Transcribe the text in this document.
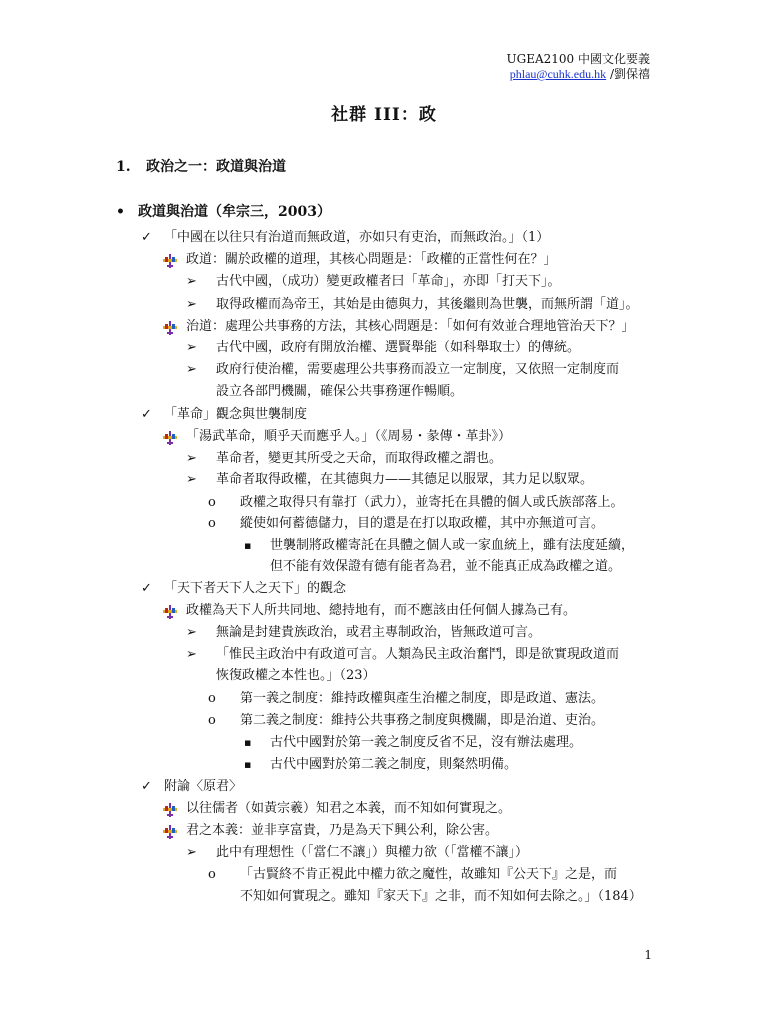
UGEA2100 中國文化要義
phlau@cuhk.edu.hk /劉保禧
社群 III：政
1. 政治之一：政道與治道
• 政道與治道（牟宗三，2003）
✓ 「中國在以往只有治道而無政道，亦如只有吏治，而無政治。」（1）
政道：關於政權的道理，其核心問題是：「政權的正當性何在？」
➢ 古代中國，（成功）變更政權者曰「革命」，亦即「打天下」。
➢ 取得政權而為帝王，其始是由德與力，其後繼則為世襲，而無所謂「道」。
治道：處理公共事務的方法，其核心問題是：「如何有效並合理地管治天下？」
➢ 古代中國，政府有開放治權、選賢舉能（如科舉取士）的傳統。
➢ 政府行使治權，需要處理公共事務而設立一定制度，又依照一定制度而
設立各部門機關，確保公共事務運作暢順。
✓ 「革命」觀念與世襲制度
「湯武革命，順乎天而應乎人。」（《周易・彖傳・革卦》）
➢ 革命者，變更其所受之天命，而取得政權之謂也。
➢ 革命者取得政權，在其德與力——其德足以服眾，其力足以馭眾。
o 政權之取得只有靠打（武力），並寄托在具體的個人或氏族部落上。
o 縱使如何蓄德儲力，目的還是在打以取政權，其中亦無道可言。
▪ 世襲制將政權寄託在具體之個人或一家血統上，雖有法度延續，
但不能有效保證有德有能者為君，並不能真正成為政權之道。
✓ 「天下者天下人之天下」的觀念
政權為天下人所共同地、總持地有，而不應該由任何個人據為己有。
➢ 無論是封建貴族政治，或君主專制政治，皆無政道可言。
➢ 「惟民主政治中有政道可言。人類為民主政治奮鬥，即是欲實現政道而
恢復政權之本性也。」（23）
o 第一義之制度：維持政權與產生治權之制度，即是政道、憲法。
o 第二義之制度：維持公共事務之制度與機關，即是治道、吏治。
▪ 古代中國對於第一義之制度反省不足，沒有辦法處理。
▪ 古代中國對於第二義之制度，則粲然明備。
✓ 附論〈原君〉
以往儒者（如黃宗羲）知君之本義，而不知如何實現之。
君之本義：並非享富貴，乃是為天下興公利，除公害。
➢ 此中有理想性（「當仁不讓」）與權力欲（「當權不讓」）
o 「古賢終不肯正視此中權力欲之魔性，故雖知『公天下』之是，而
不知如何實現之。雖知『家天下』之非，而不知如何去除之。」（184）
1
